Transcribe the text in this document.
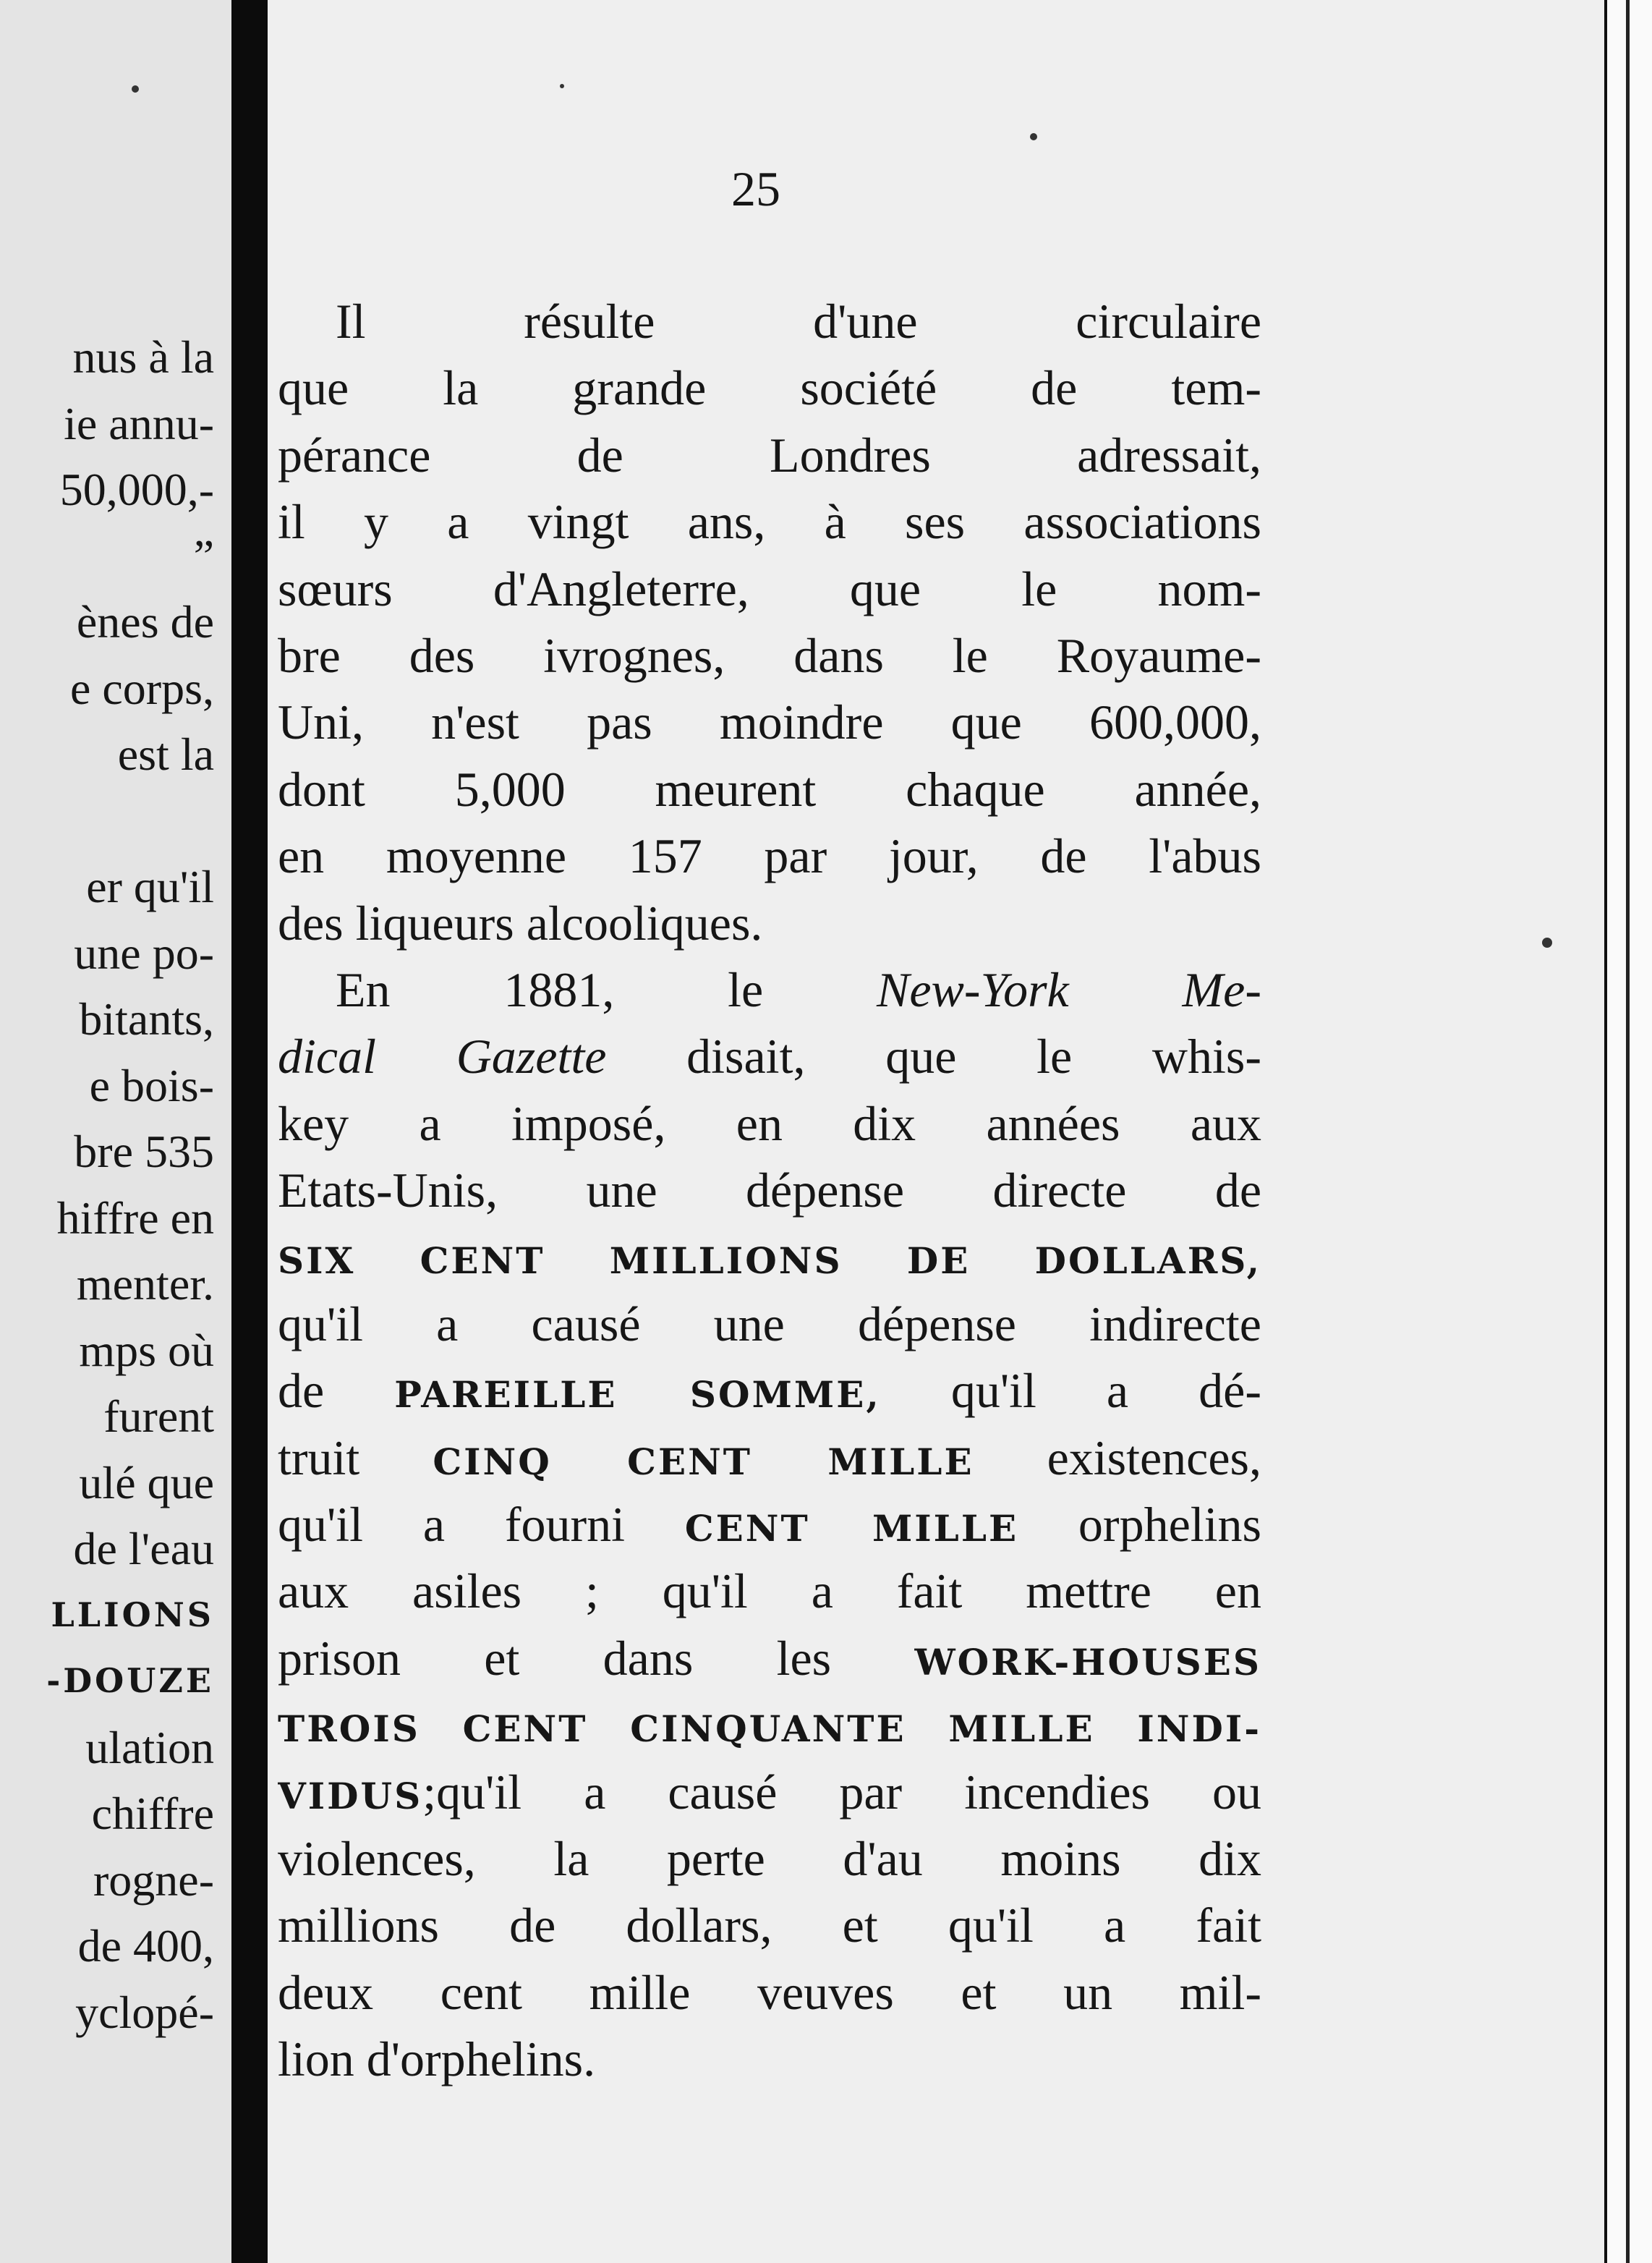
nus à la
ie annu-
50,000,-
”
ènes de
e corps,
est la
er qu'il
une po-
bitants,
e bois-
bre 535
hiffre en
menter.
mps où
furent
ulé que
de l'eau
LLIONS
-DOUZE
ulation
chiffre
rogne-
de 400,
yclopé-
25
Il résulte d'une circulaire
que la grande société de tem-
pérance de Londres adressait,
il y a vingt ans, à ses associations
sœurs d'Angleterre, que le nom-
bre des ivrognes, dans le Royaume-
Uni, n'est pas moindre que 600,000,
dont 5,000 meurent chaque année,
en moyenne 157 par jour, de l'abus
des liqueurs alcooliques.
En 1881, le New-York Me-
dical Gazette disait, que le whis-
key a imposé, en dix années aux
Etats-Unis, une dépense directe de
SIX CENT MILLIONS DE DOLLARS,
qu'il a causé une dépense indirecte
de PAREILLE SOMME, qu'il a dé-
truit CINQ CENT MILLE existences,
qu'il a fourni CENT MILLE orphelins
aux asiles ; qu'il a fait mettre en
prison et dans les WORK-HOUSES
TROIS CENT CINQUANTE MILLE INDI-
VIDUS;qu'il a causé par incendies ou
violences, la perte d'au moins dix
millions de dollars, et qu'il a fait
deux cent mille veuves et un mil-
lion d'orphelins.
